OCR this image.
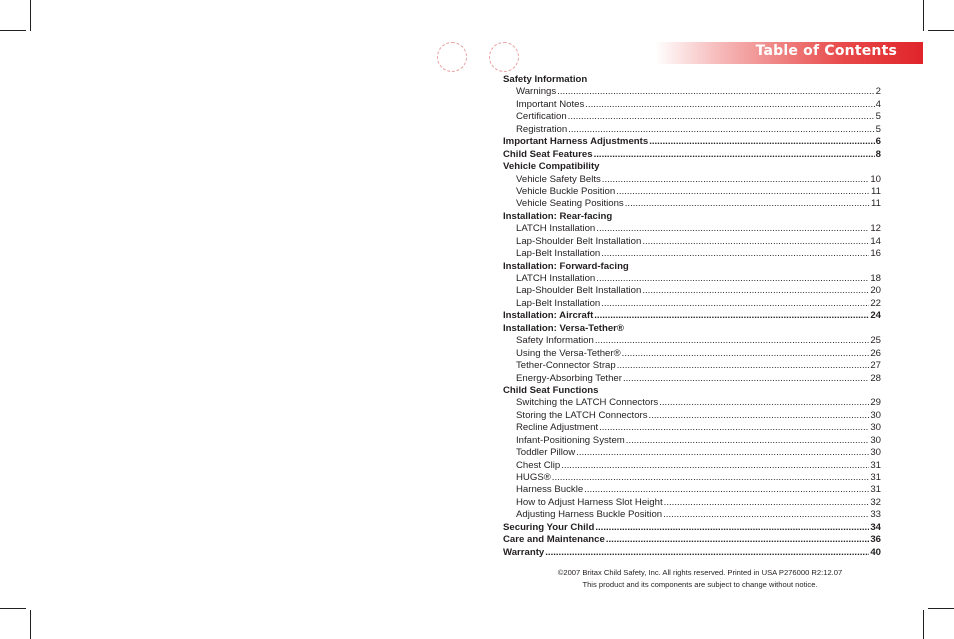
Table of Contents
Safety Information
Warnings .....	2
Important Notes .....	4
Certification .....	5
Registration .....	5
Important Harness Adjustments .....	6
Child Seat Features .....	8
Vehicle Compatibility
Vehicle Safety Belts .....	10
Vehicle Buckle Position .....	11
Vehicle Seating Positions .....	11
Installation: Rear-facing
LATCH Installation .....	12
Lap-Shoulder Belt Installation .....	14
Lap-Belt Installation .....	16
Installation: Forward-facing
LATCH Installation .....	18
Lap-Shoulder Belt Installation .....	20
Lap-Belt Installation .....	22
Installation: Aircraft .....	24
Installation: Versa-Tether®
Safety Information .....	25
Using the Versa-Tether® .....	26
Tether-Connector Strap .....	27
Energy-Absorbing Tether .....	28
Child Seat Functions
Switching the LATCH Connectors .....	29
Storing the LATCH Connectors .....	30
Recline Adjustment .....	30
Infant-Positioning System .....	30
Toddler Pillow .....	30
Chest Clip .....	31
HUGS® .....	31
Harness Buckle .....	31
How to Adjust Harness Slot Height .....	32
Adjusting Harness Buckle Position .....	33
Securing Your Child .....	34
Care and Maintenance .....	36
Warranty .....	40
©2007 Britax Child Safety, Inc. All rights reserved. Printed in USA P276000 R2:12.07
This product and its components are subject to change without notice.
